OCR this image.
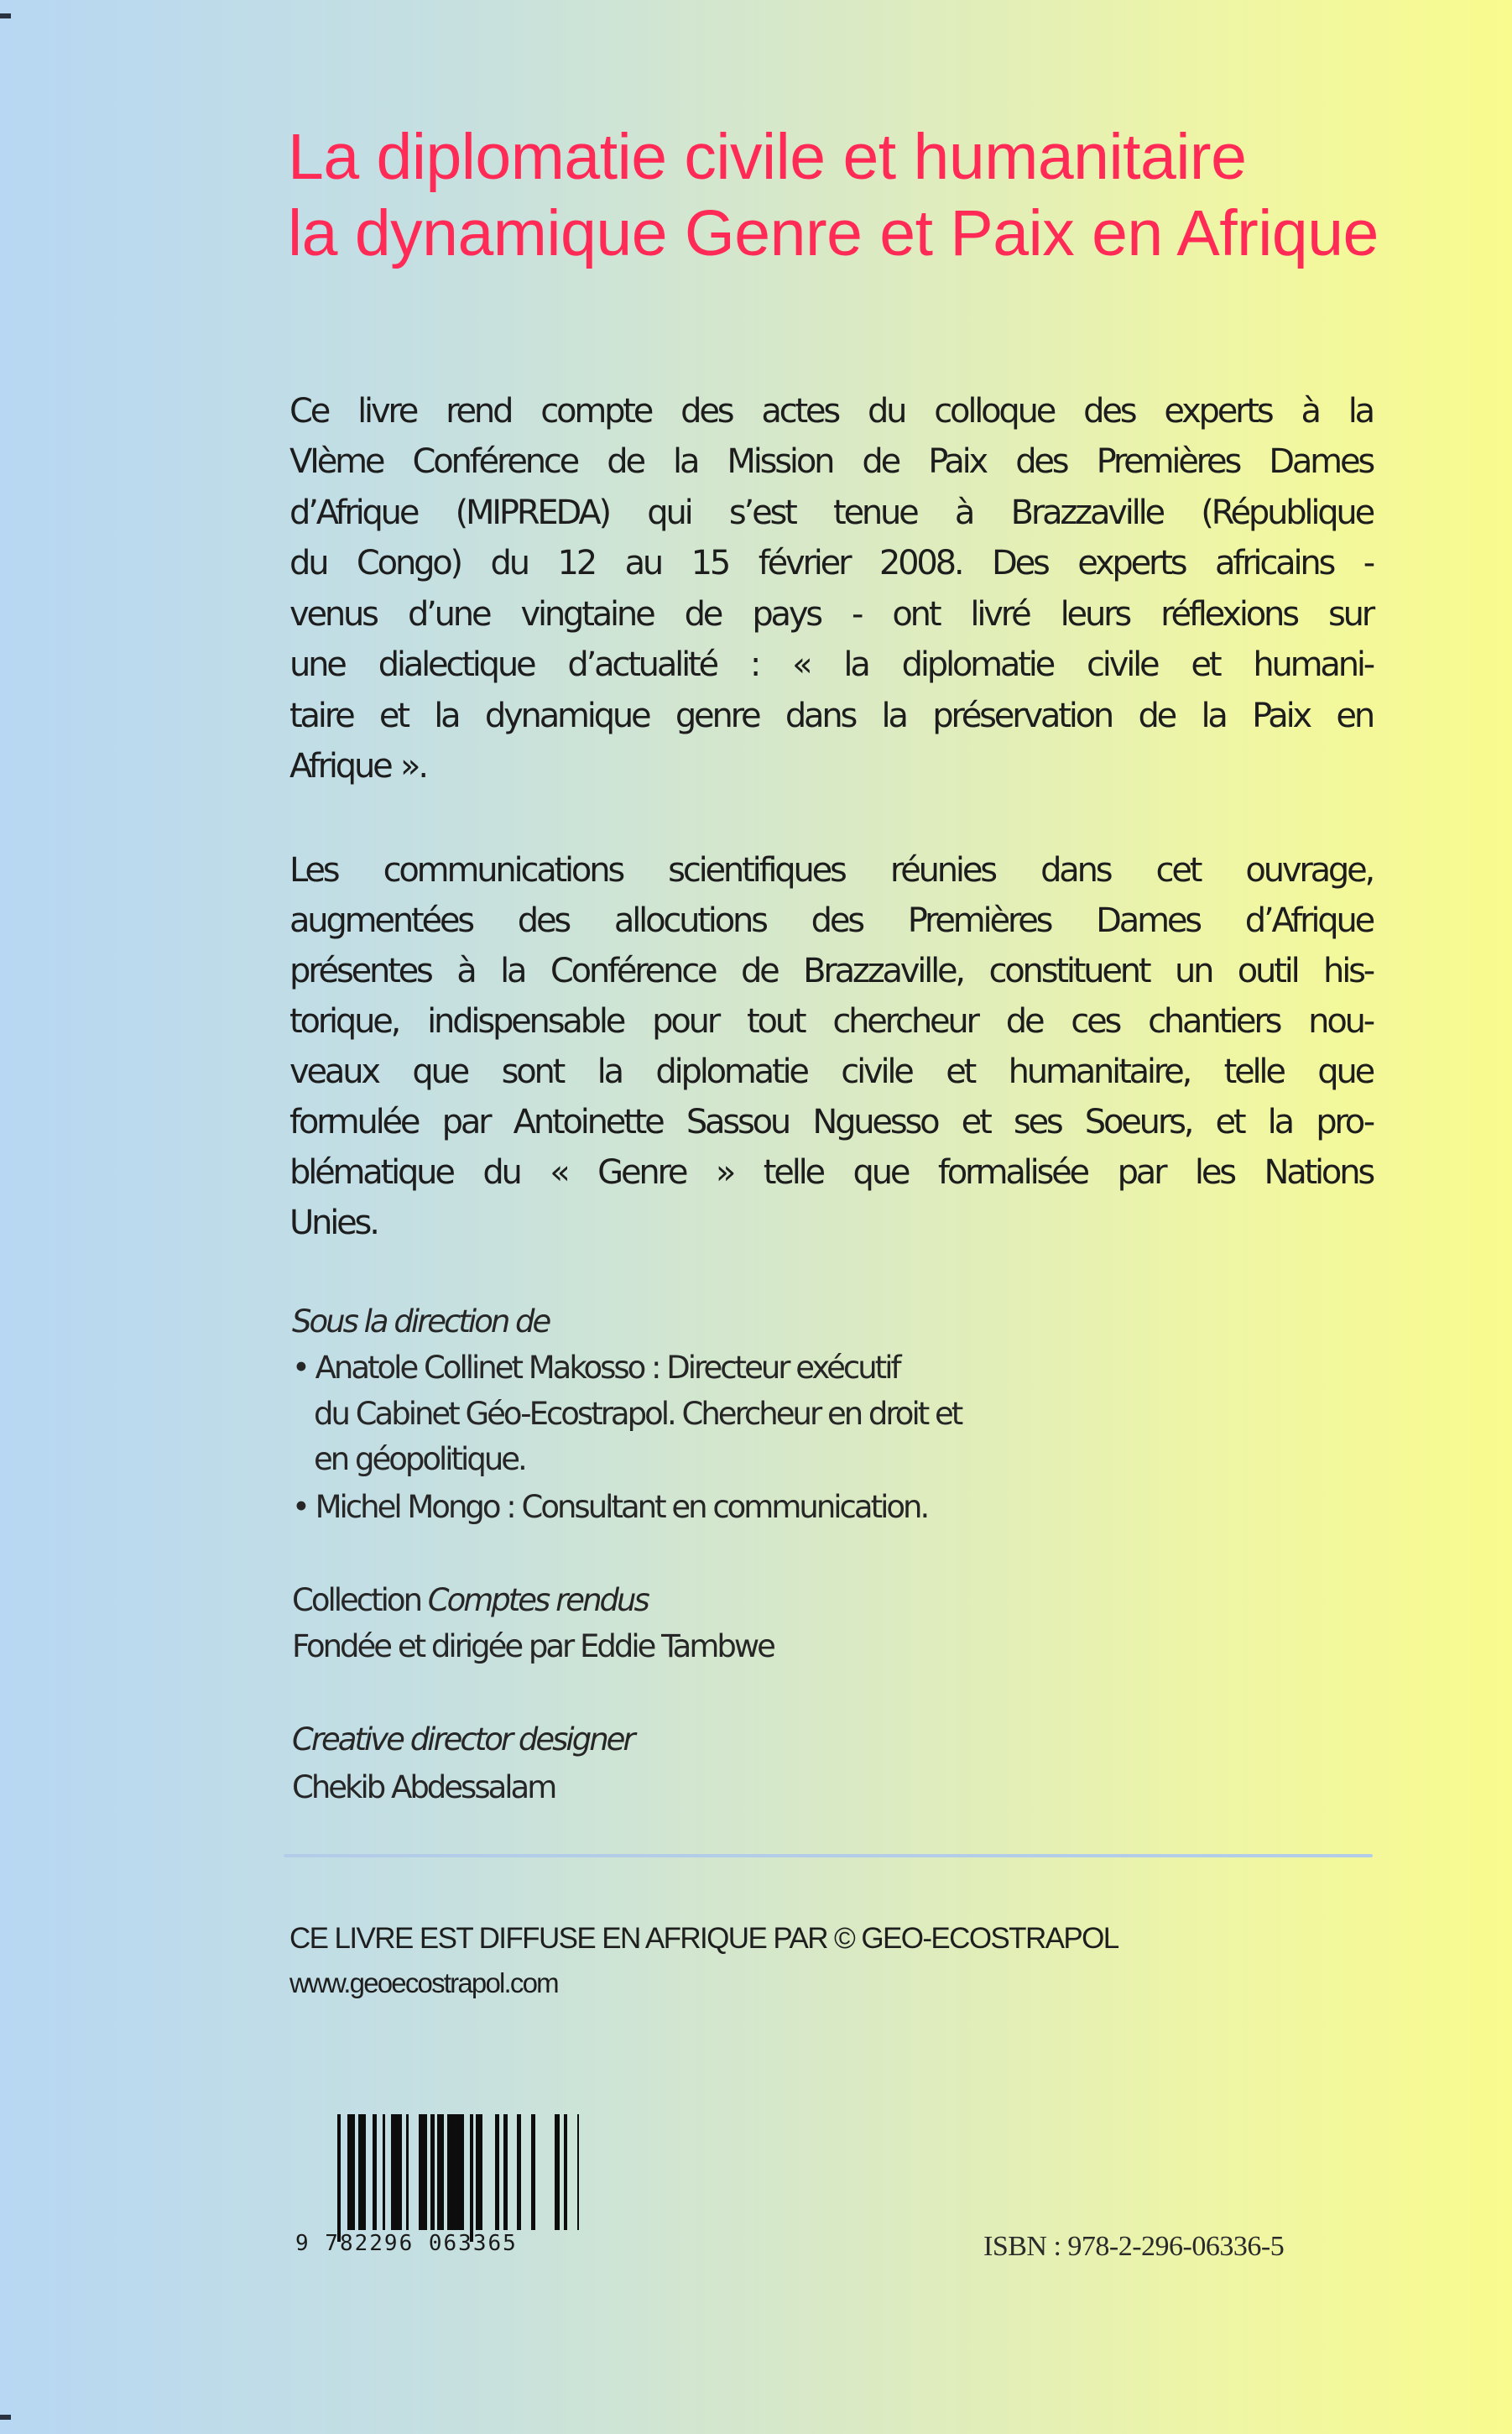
La diplomatie civile et humanitaire
la dynamique Genre et Paix en Afrique
Ce livre rend compte des actes du colloque des experts à la
VIème Conférence de la Mission de Paix des Premières Dames
d’Afrique (MIPREDA) qui s’est tenue à Brazzaville (République
du Congo) du 12 au 15 février 2008. Des experts africains -
venus d’une vingtaine de pays - ont livré leurs réflexions sur
une dialectique d’actualité : « la diplomatie civile et humani-
taire et la dynamique genre dans la préservation de la Paix en
Afrique ».
Les communications scientifiques réunies dans cet ouvrage,
augmentées des allocutions des Premières Dames d’Afrique
présentes à la Conférence de Brazzaville, constituent un outil his-
torique, indispensable pour tout chercheur de ces chantiers nou-
veaux que sont la diplomatie civile et humanitaire, telle que
formulée par Antoinette Sassou Nguesso et ses Soeurs, et la pro-
blématique du « Genre » telle que formalisée par les Nations
Unies.
Sous la direction de
• Anatole Collinet Makosso : Directeur exécutif
du Cabinet Géo-Ecostrapol. Chercheur en droit et
en géopolitique.
• Michel Mongo : Consultant en communication.
Collection Comptes rendus
Fondée et dirigée par Eddie Tambwe
Creative director designer
Chekib Abdessalam
CE LIVRE EST DIFFUSE EN AFRIQUE PAR © GEO-ECOSTRAPOL
www.geoecostrapol.com
9 782296 063365	ISBN : 978-2-296-06336-5
